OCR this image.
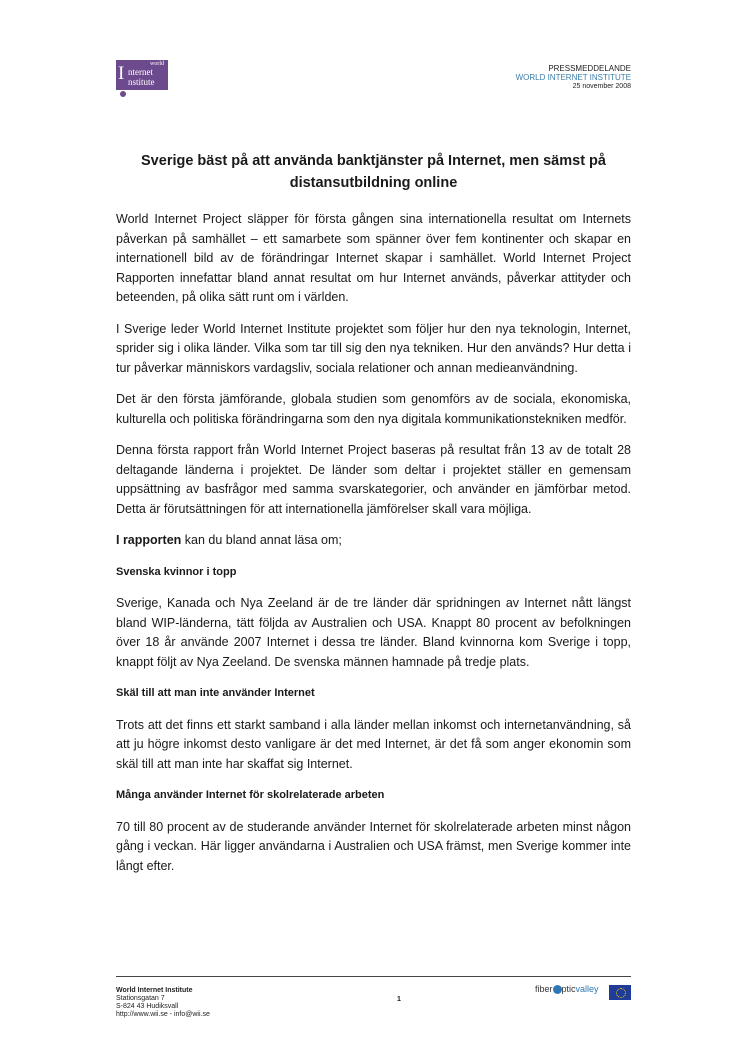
world
I nternet
nstitute
PRESSMEDDELANDE
WORLD INTERNET INSTITUTE
25 november 2008
Sverige bäst på att använda banktjänster på Internet, men sämst på distansutbildning online

World Internet Project släpper för första gången sina internationella resultat om Internets påverkan på samhället – ett samarbete som spänner över fem kontinenter och skapar en internationell bild av de förändringar Internet skapar i samhället. World Internet Project Rapporten innefattar bland annat resultat om hur Internet används, påverkar attityder och beteenden, på olika sätt runt om i världen.

I Sverige leder World Internet Institute projektet som följer hur den nya teknologin, Internet, sprider sig i olika länder. Vilka som tar till sig den nya tekniken. Hur den används? Hur detta i tur påverkar människors vardagsliv, sociala relationer och annan medieanvändning.

Det är den första jämförande, globala studien som genomförs av de sociala, ekonomiska, kulturella och politiska förändringarna som den nya digitala kommunikationstekniken medför.

Denna första rapport från World Internet Project baseras på resultat från 13 av de totalt 28 deltagande länderna i projektet. De länder som deltar i projektet ställer en gemensam uppsättning av basfrågor med samma svarskategorier, och använder en jämförbar metod. Detta är förutsättningen för att internationella jämförelser skall vara möjliga.

I rapporten kan du bland annat läsa om;

Svenska kvinnor i topp

Sverige, Kanada och Nya Zeeland är de tre länder där spridningen av Internet nått längst bland WIP-länderna, tätt följda av Australien och USA. Knappt 80 procent av befolkningen över 18 år använde 2007 Internet i dessa tre länder. Bland kvinnorna kom Sverige i topp, knappt följt av Nya Zeeland. De svenska männen hamnade på tredje plats.

Skäl till att man inte använder Internet

Trots att det finns ett starkt samband i alla länder mellan inkomst och internetanvändning, så att ju högre inkomst desto vanligare är det med Internet, är det få som anger ekonomin som skäl till att man inte har skaffat sig Internet.

Många använder Internet för skolrelaterade arbeten

70 till 80 procent av de studerande använder Internet för skolrelaterade arbeten minst någon gång i veckan. Här ligger användarna i Australien och USA främst, men Sverige kommer inte långt efter.

World Internet Institute
Stationsgatan 7
S-824 43 Hudiksvall
http://www.wii.se - info@wii.se
1
fiber pticvalley
